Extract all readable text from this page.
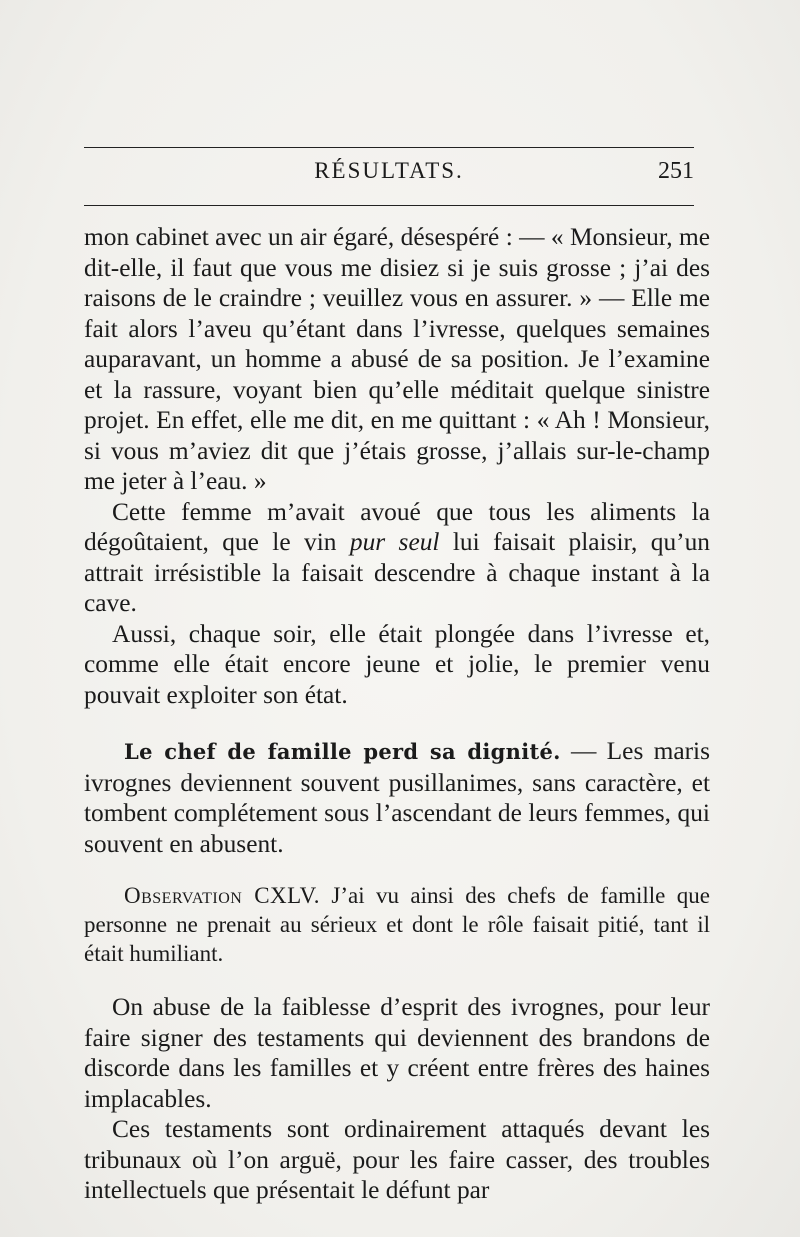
RÉSULTATS.	251

mon cabinet avec un air égaré, désespéré : — « Monsieur, me dit-elle, il faut que vous me disiez si je suis grosse ; j’ai des raisons de le craindre ; veuillez vous en assurer. » — Elle me fait alors l’aveu qu’étant dans l’ivresse, quelques semaines auparavant, un homme a abusé de sa position. Je l’examine et la rassure, voyant bien qu’elle méditait quelque sinistre projet. En effet, elle me dit, en me quittant : « Ah ! Monsieur, si vous m’aviez dit que j’étais grosse, j’allais sur-le-champ me jeter à l’eau. »

Cette femme m’avait avoué que tous les aliments la dégoûtaient, que le vin pur seul lui faisait plaisir, qu’un attrait irrésistible la faisait descendre à chaque instant à la cave.

Aussi, chaque soir, elle était plongée dans l’ivresse et, comme elle était encore jeune et jolie, le premier venu pouvait exploiter son état.

Le chef de famille perd sa dignité. — Les maris ivrognes deviennent souvent pusillanimes, sans caractère, et tombent complétement sous l’ascendant de leurs femmes, qui souvent en abusent.

Observation CXLV. J’ai vu ainsi des chefs de famille que personne ne prenait au sérieux et dont le rôle faisait pitié, tant il était humiliant.

On abuse de la faiblesse d’esprit des ivrognes, pour leur faire signer des testaments qui deviennent des brandons de discorde dans les familles et y créent entre frères des haines implacables.

Ces testaments sont ordinairement attaqués devant les tribunaux où l’on arguë, pour les faire casser, des troubles intellectuels que présentait le défunt par
